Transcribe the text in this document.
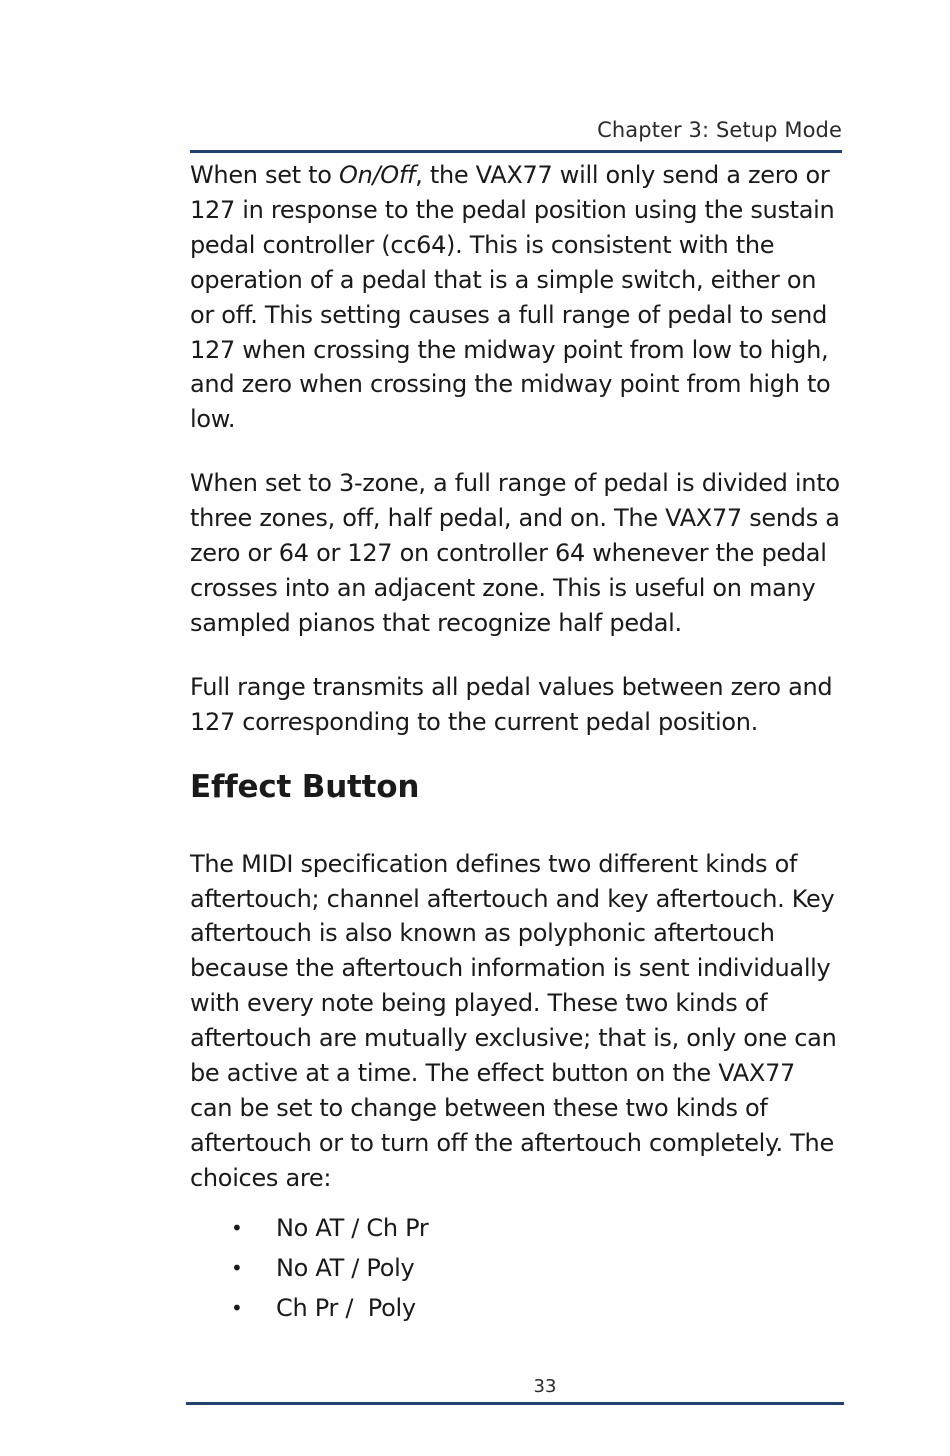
Chapter 3: Setup Mode

When set to On/Off, the VAX77 will only send a zero or 127 in response to the pedal position using the sustain pedal controller (cc64). This is consistent with the operation of a pedal that is a simple switch, either on or off. This setting causes a full range of pedal to send 127 when crossing the midway point from low to high, and zero when crossing the midway point from high to low.

When set to 3-zone, a full range of pedal is divided into three zones, off, half pedal, and on. The VAX77 sends a zero or 64 or 127 on controller 64 whenever the pedal crosses into an adjacent zone. This is useful on many sampled pianos that recognize half pedal.

Full range transmits all pedal values between zero and 127 corresponding to the current pedal position.

Effect Button

The MIDI specification defines two different kinds of aftertouch; channel aftertouch and key aftertouch. Key aftertouch is also known as polyphonic aftertouch because the aftertouch information is sent individually with every note being played. These two kinds of aftertouch are mutually exclusive; that is, only one can be active at a time. The effect button on the VAX77 can be set to change between these two kinds of aftertouch or to turn off the aftertouch completely. The choices are:

• No AT / Ch Pr
• No AT / Poly
• Ch Pr /  Poly
33
